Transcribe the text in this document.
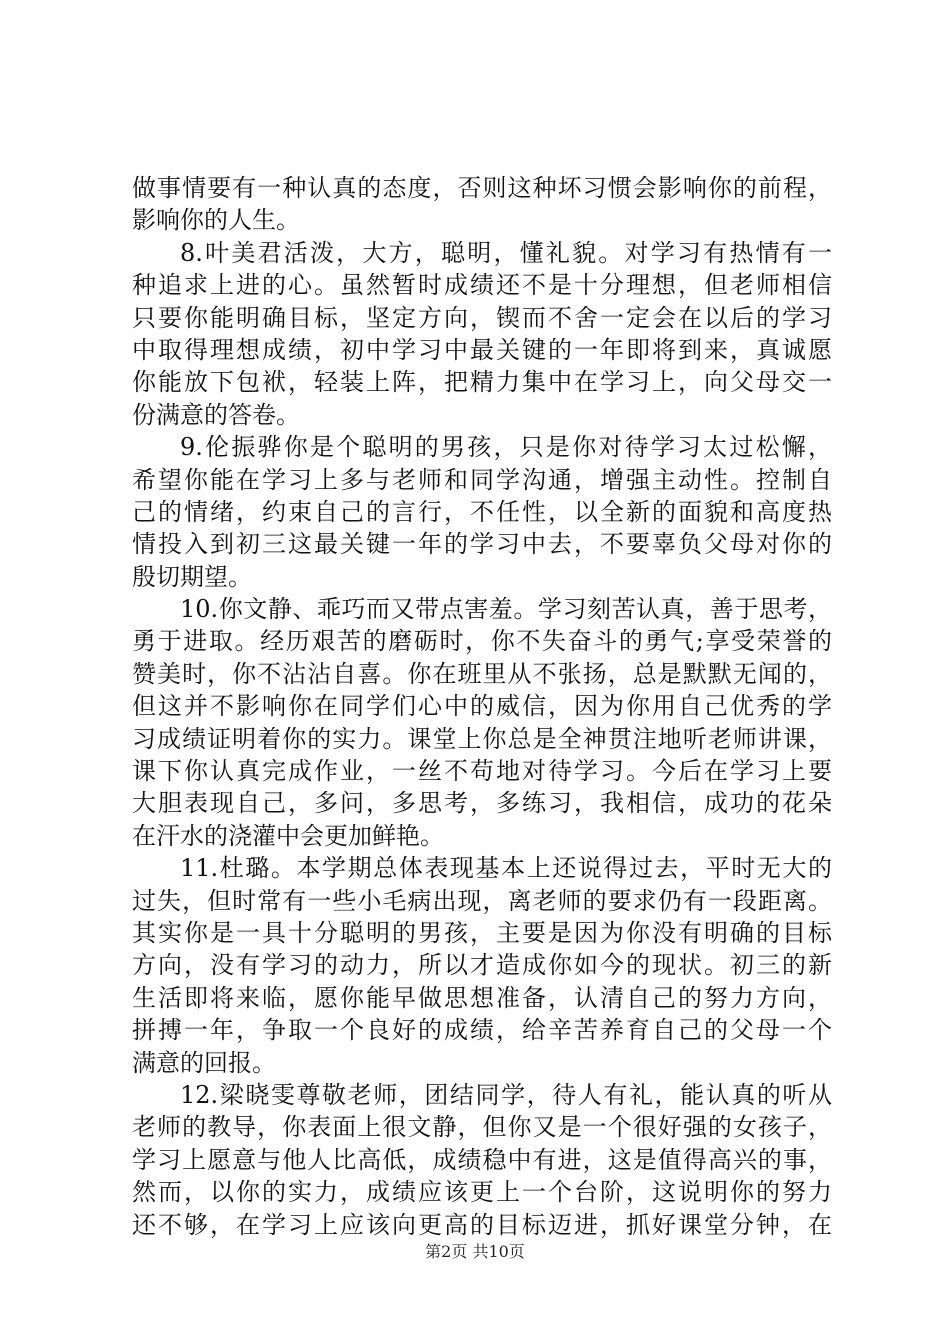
做事情要有一种认真的态度，否则这种坏习惯会影响你的前程，
影响你的人生。
8.叶美君活泼，大方，聪明，懂礼貌。对学习有热情有一
种追求上进的心。虽然暂时成绩还不是十分理想，但老师相信
只要你能明确目标，坚定方向，锲而不舍一定会在以后的学习
中取得理想成绩，初中学习中最关键的一年即将到来，真诚愿
你能放下包袱，轻装上阵，把精力集中在学习上，向父母交一
份满意的答卷。
9.伦振骅你是个聪明的男孩，只是你对待学习太过松懈，
希望你能在学习上多与老师和同学沟通，增强主动性。控制自
己的情绪，约束自己的言行，不任性，以全新的面貌和高度热
情投入到初三这最关键一年的学习中去，不要辜负父母对你的
殷切期望。
10.你文静、乖巧而又带点害羞。学习刻苦认真，善于思考，
勇于进取。经历艰苦的磨砺时，你不失奋斗的勇气;享受荣誉的
赞美时，你不沾沾自喜。你在班里从不张扬，总是默默无闻的，
但这并不影响你在同学们心中的威信，因为你用自己优秀的学
习成绩证明着你的实力。课堂上你总是全神贯注地听老师讲课，
课下你认真完成作业，一丝不苟地对待学习。今后在学习上要
大胆表现自己，多问，多思考，多练习，我相信，成功的花朵
在汗水的浇灌中会更加鲜艳。
11.杜璐。本学期总体表现基本上还说得过去，平时无大的
过失，但时常有一些小毛病出现，离老师的要求仍有一段距离。
其实你是一具十分聪明的男孩，主要是因为你没有明确的目标
方向，没有学习的动力，所以才造成你如今的现状。初三的新
生活即将来临，愿你能早做思想准备，认清自己的努力方向，
拼搏一年，争取一个良好的成绩，给辛苦养育自己的父母一个
满意的回报。
12.梁晓雯尊敬老师，团结同学，待人有礼，能认真的听从
老师的教导，你表面上很文静，但你又是一个很好强的女孩子，
学习上愿意与他人比高低，成绩稳中有进，这是值得高兴的事，
然而，以你的实力，成绩应该更上一个台阶，这说明你的努力
还不够，在学习上应该向更高的目标迈进，抓好课堂分钟，在
第2页 共10页
